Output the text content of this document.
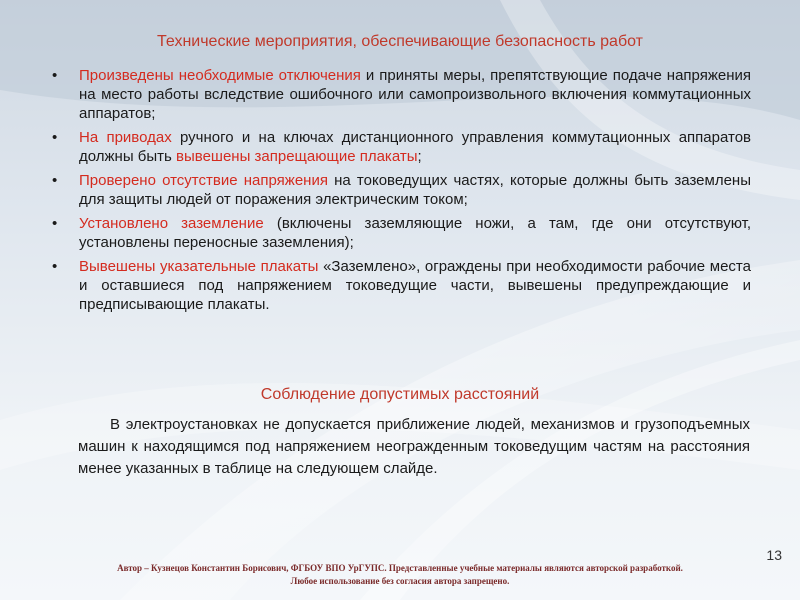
Технические мероприятия, обеспечивающие безопасность работ
• Произведены необходимые отключения и приняты меры, препятствующие подаче напряжения на место работы вследствие ошибочного или самопроизвольного включения коммутационных аппаратов;
• На приводах ручного и на ключах дистанционного управления коммутационных аппаратов должны быть вывешены запрещающие плакаты;
• Проверено отсутствие напряжения на токоведущих частях, которые должны быть заземлены для защиты людей от поражения электрическим током;
• Установлено заземление (включены заземляющие ножи, а там, где они отсутствуют, установлены переносные заземления);
• Вывешены указательные плакаты «Заземлено», ограждены при необходимости рабочие места и оставшиеся под напряжением токоведущие части, вывешены предупреждающие и предписывающие плакаты.
Соблюдение допустимых расстояний

В электроустановках не допускается приближение людей, механизмов и грузоподъемных машин к находящимся под напряжением неогражденным токоведущим частям на расстояния менее указанных в таблице на следующем слайде.

13
Автор – Кузнецов Константин Борисович, ФГБОУ ВПО УрГУПС. Представленные учебные материалы являются авторской разработкой.
Любое использование без согласия автора запрещено.
